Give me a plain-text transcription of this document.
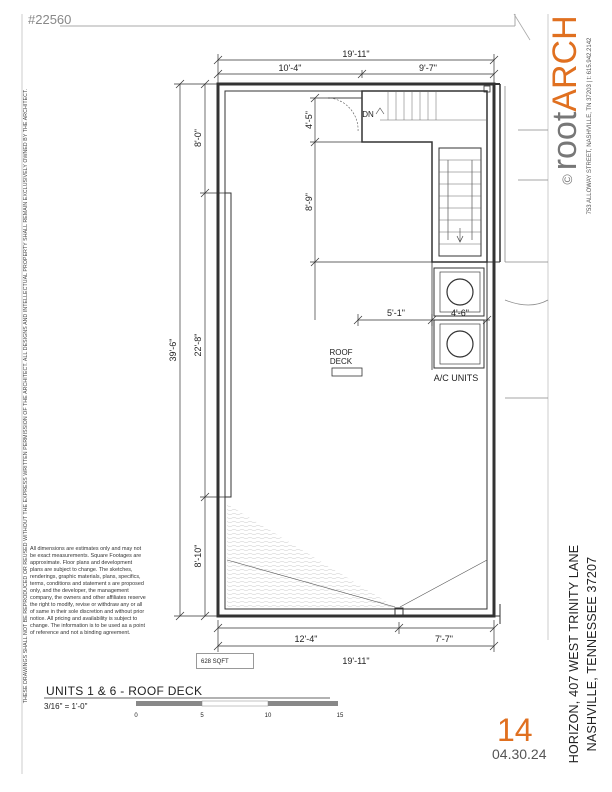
19'-11"
10'-4"	9'-7"
12'-4"	7'-7"
19'-11"
39'-6"
8'-0"
22'-8"
8'-10"
4'-5"
8'-9"
5'-1"	4'-6"
DN
ROOF
DECK
A/C UNITS
0	5	10	15
#22560
THESE DRAWINGS SHALL NOT BE REPRODUCED OR REUSED WITHOUT THE EXPRESS WRITTEN PERMISSION OF THE ARCHITECT. ALL DESIGNS AND INTELLECTUAL PROPERTY SHALL REMAIN EXCLUSIVELY OWNED BY THE ARCHITECT. All dimensions are estimates only and may not be exact measurements. Square Footages are approximate. Floor plans and development plans are subject to change. The sketches, renderings, graphic materials, plans, specifics, terms, conditions and statement s are proposed only, and the developer, the management company, the owners and other affiliates reserve the right to modify, revise or withdraw any or all of same in their sole discretion and without prior notice. All pricing and availability is subject to change. The information is to be used as a point of reference and not a binding agreement.
628 SQFT
UNITS 1 & 6 - ROOF DECK
3/16" = 1'-0"
©rootARCH 753 ALLOWAY STREET, NASHVILLE, TN 37203 | t: 615.942.2142
14
04.30.24 HORIZON, 407 WEST TRINITY LANE NASHVILLE, TENNESSEE 37207
